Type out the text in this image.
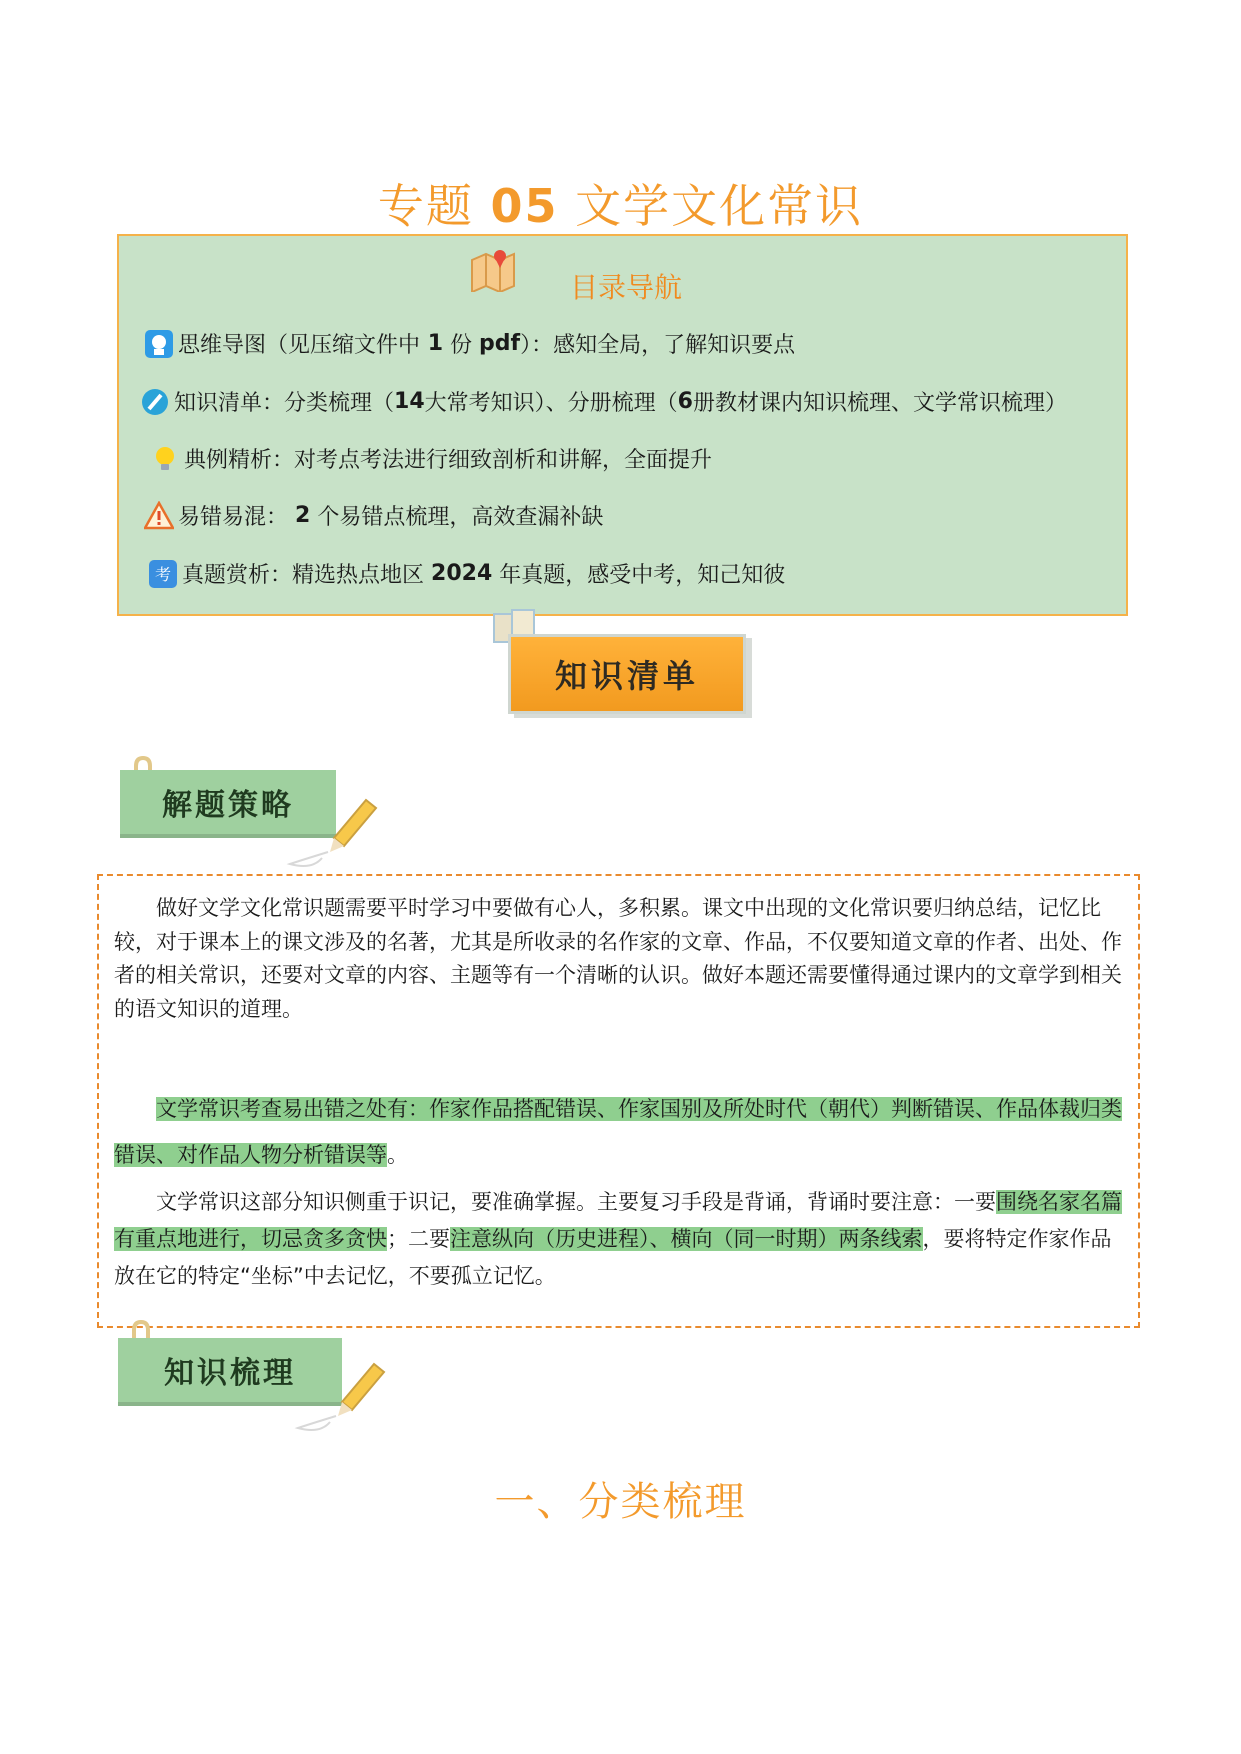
专题 05 文学文化常识
目录导航
思维导图（见压缩文件中
1
份
pdf ）：感知全局，了解知识要点
知识清单：分类梳理（ 14 大常考知识）、分册梳理（ 6 册教材课内知识梳理、文学常识梳理）
典例精析：对考点考法进行细致剖析和讲解，全面提升
易错易混：
2
个易错点梳理，高效查漏补缺
考 真题赏析：精选热点地区
2024
年真题，感受中考，知己知彼
知识清单
解题策略
做好文学文化常识题需要平时学习中要做有心人，多积累。课文中出现的文化常识要归纳总结，记忆比较，对于课本上的课文涉及的名著，尤其是所收录的名作家的文章、作品，不仅要知道文章的作者、出处、作者的相关常识，还要对文章的内容、主题等有一个清晰的认识。做好本题还需要懂得通过课内的文章学到相关的语文知识的道理。
文学常识考查易出错之处有：作家作品搭配错误、作家国别及所处时代（朝代）判断错误、作品体裁归类错误、对作品人物分析错误等。
文学常识这部分知识侧重于识记，要准确掌握。主要复习手段是背诵，背诵时要注意：一要围绕名家名篇有重点地进行，切忌贪多贪快；二要注意纵向（历史进程）、横向（同一时期）两条线索，要将特定作家作品放在它的特定“坐标”中去记忆，不要孤立记忆。
知识梳理
一、分类梳理
